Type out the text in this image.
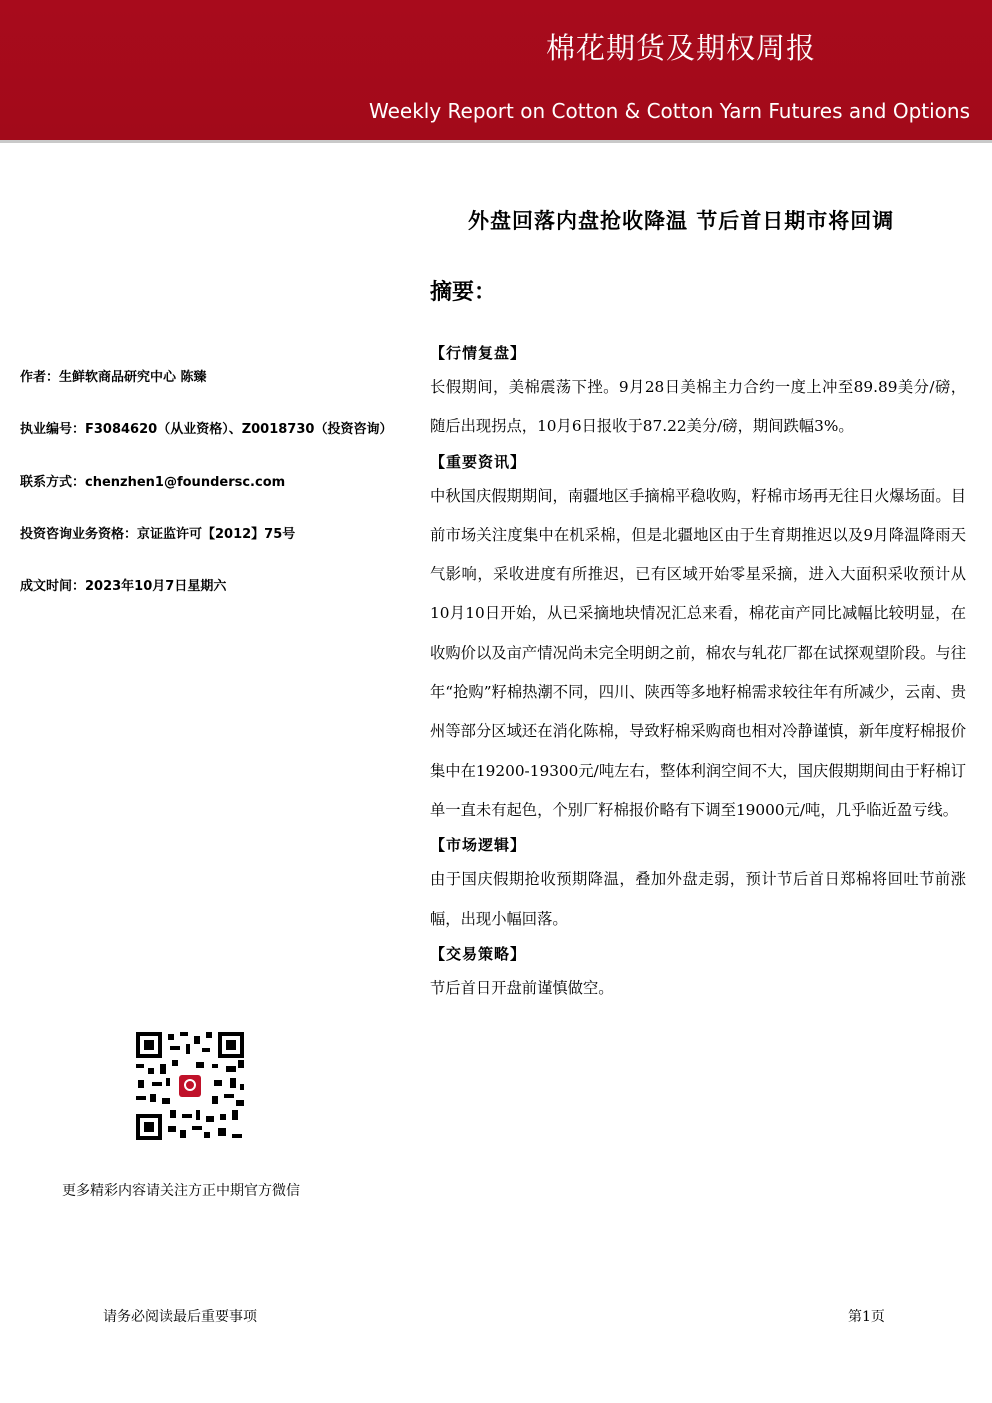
棉花期货及期权周报
Weekly Report on Cotton & Cotton Yarn Futures and Options
外盘回落内盘抢收降温 节后首日期市将回调
摘要：
作者：生鲜软商品研究中心 陈臻
执业编号：F3084620（从业资格）、Z0018730（投资咨询）
联系方式：chenzhen1@foundersc.com
投资咨询业务资格：京证监许可【2012】75号
成文时间：2023年10月7日星期六
【行情复盘】

长假期间，美棉震荡下挫。9月28日美棉主力合约一度上冲至89.89美分/磅，随后出现拐点，10月6日报收于87.22美分/磅，期间跌幅3%。

【重要资讯】

中秋国庆假期期间，南疆地区手摘棉平稳收购，籽棉市场再无往日火爆场面。目前市场关注度集中在机采棉，但是北疆地区由于生育期推迟以及9月降温降雨天气影响，采收进度有所推迟，已有区域开始零星采摘，进入大面积采收预计从10月10日开始，从已采摘地块情况汇总来看，棉花亩产同比减幅比较明显，在收购价以及亩产情况尚未完全明朗之前，棉农与轧花厂都在试探观望阶段。与往年“抢购”籽棉热潮不同，四川、陕西等多地籽棉需求较往年有所减少，云南、贵州等部分区域还在消化陈棉，导致籽棉采购商也相对冷静谨慎，新年度籽棉报价集中在19200-19300元/吨左右，整体利润空间不大，国庆假期期间由于籽棉订单一直未有起色，个别厂籽棉报价略有下调至19000元/吨，几乎临近盈亏线。

【市场逻辑】

由于国庆假期抢收预期降温，叠加外盘走弱，预计节后首日郑棉将回吐节前涨幅，出现小幅回落。

【交易策略】

节后首日开盘前谨慎做空。

更多精彩内容请关注方正中期官方微信
请务必阅读最后重要事项	第1页
